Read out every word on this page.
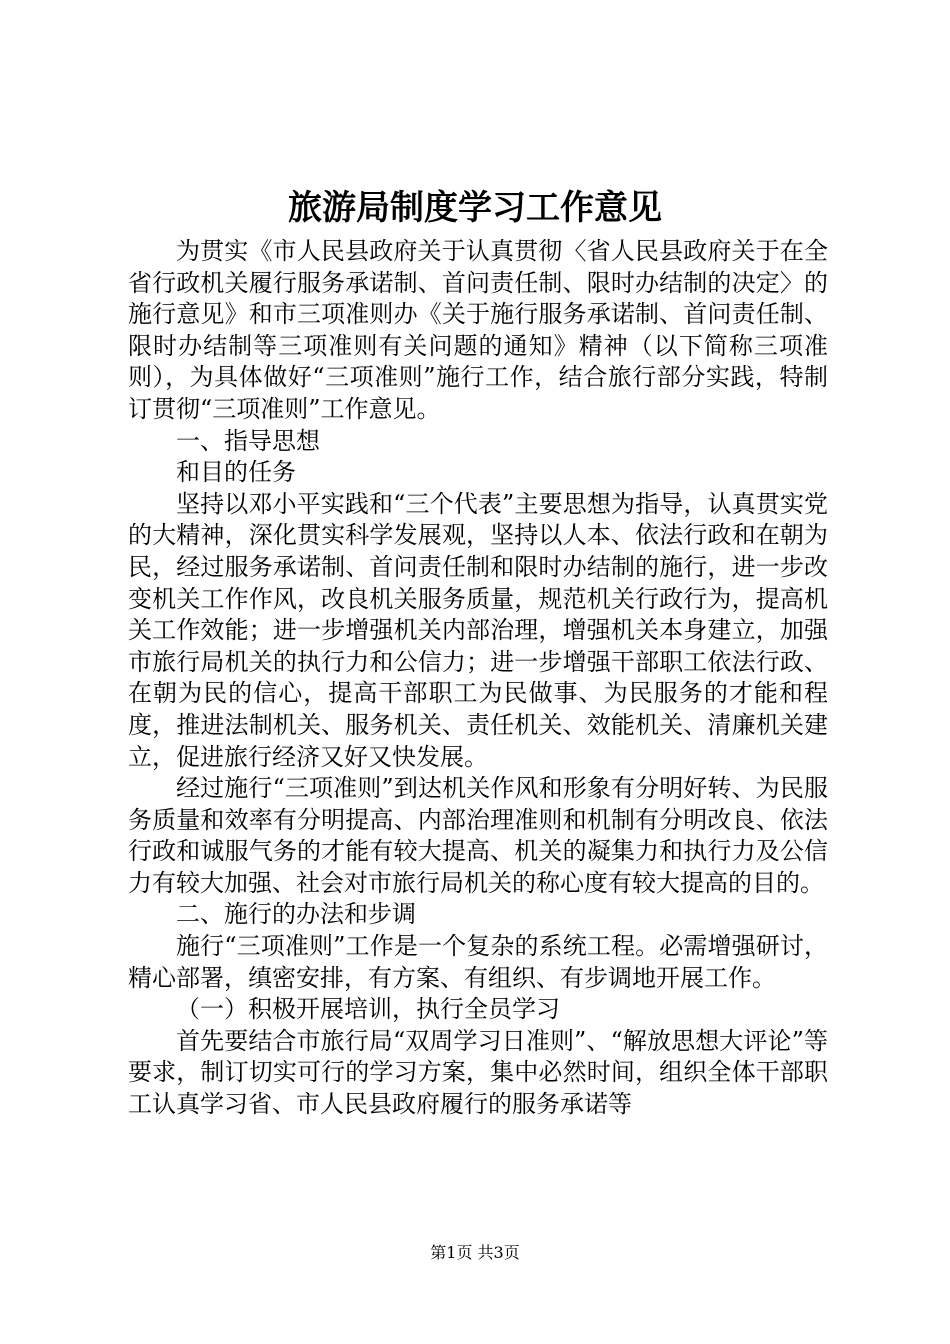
旅游局制度学习工作意见

为贯实《市人民县政府关于认真贯彻〈省人民县政府关于在全省行政机关履行服务承诺制、首问责任制、限时办结制的决定〉的施行意见》和市三项准则办《关于施行服务承诺制、首问责任制、限时办结制等三项准则有关问题的通知》精神（以下简称三项准则），为具体做好“三项准则”施行工作，结合旅行部分实践，特制订贯彻“三项准则”工作意见。

一、指导思想

和目的任务

坚持以邓小平实践和“三个代表”主要思想为指导，认真贯实党的大精神，深化贯实科学发展观，坚持以人本、依法行政和在朝为民，经过服务承诺制、首问责任制和限时办结制的施行，进一步改变机关工作作风，改良机关服务质量，规范机关行政行为，提高机关工作效能；进一步增强机关内部治理，增强机关本身建立，加强市旅行局机关的执行力和公信力；进一步增强干部职工依法行政、在朝为民的信心，提高干部职工为民做事、为民服务的才能和程度，推进法制机关、服务机关、责任机关、效能机关、清廉机关建立，促进旅行经济又好又快发展。

经过施行“三项准则”到达机关作风和形象有分明好转、为民服务质量和效率有分明提高、内部治理准则和机制有分明改良、依法行政和诚服气务的才能有较大提高、机关的凝集力和执行力及公信力有较大加强、社会对市旅行局机关的称心度有较大提高的目的。

二、施行的办法和步调

施行“三项准则”工作是一个复杂的系统工程。必需增强研讨，精心部署，缜密安排，有方案、有组织、有步调地开展工作。

（一）积极开展培训，执行全员学习

首先要结合市旅行局“双周学习日准则”、“解放思想大评论”等要求，制订切实可行的学习方案，集中必然时间，组织全体干部职工认真学习省、市人民县政府履行的服务承诺等

第1页 共3页
